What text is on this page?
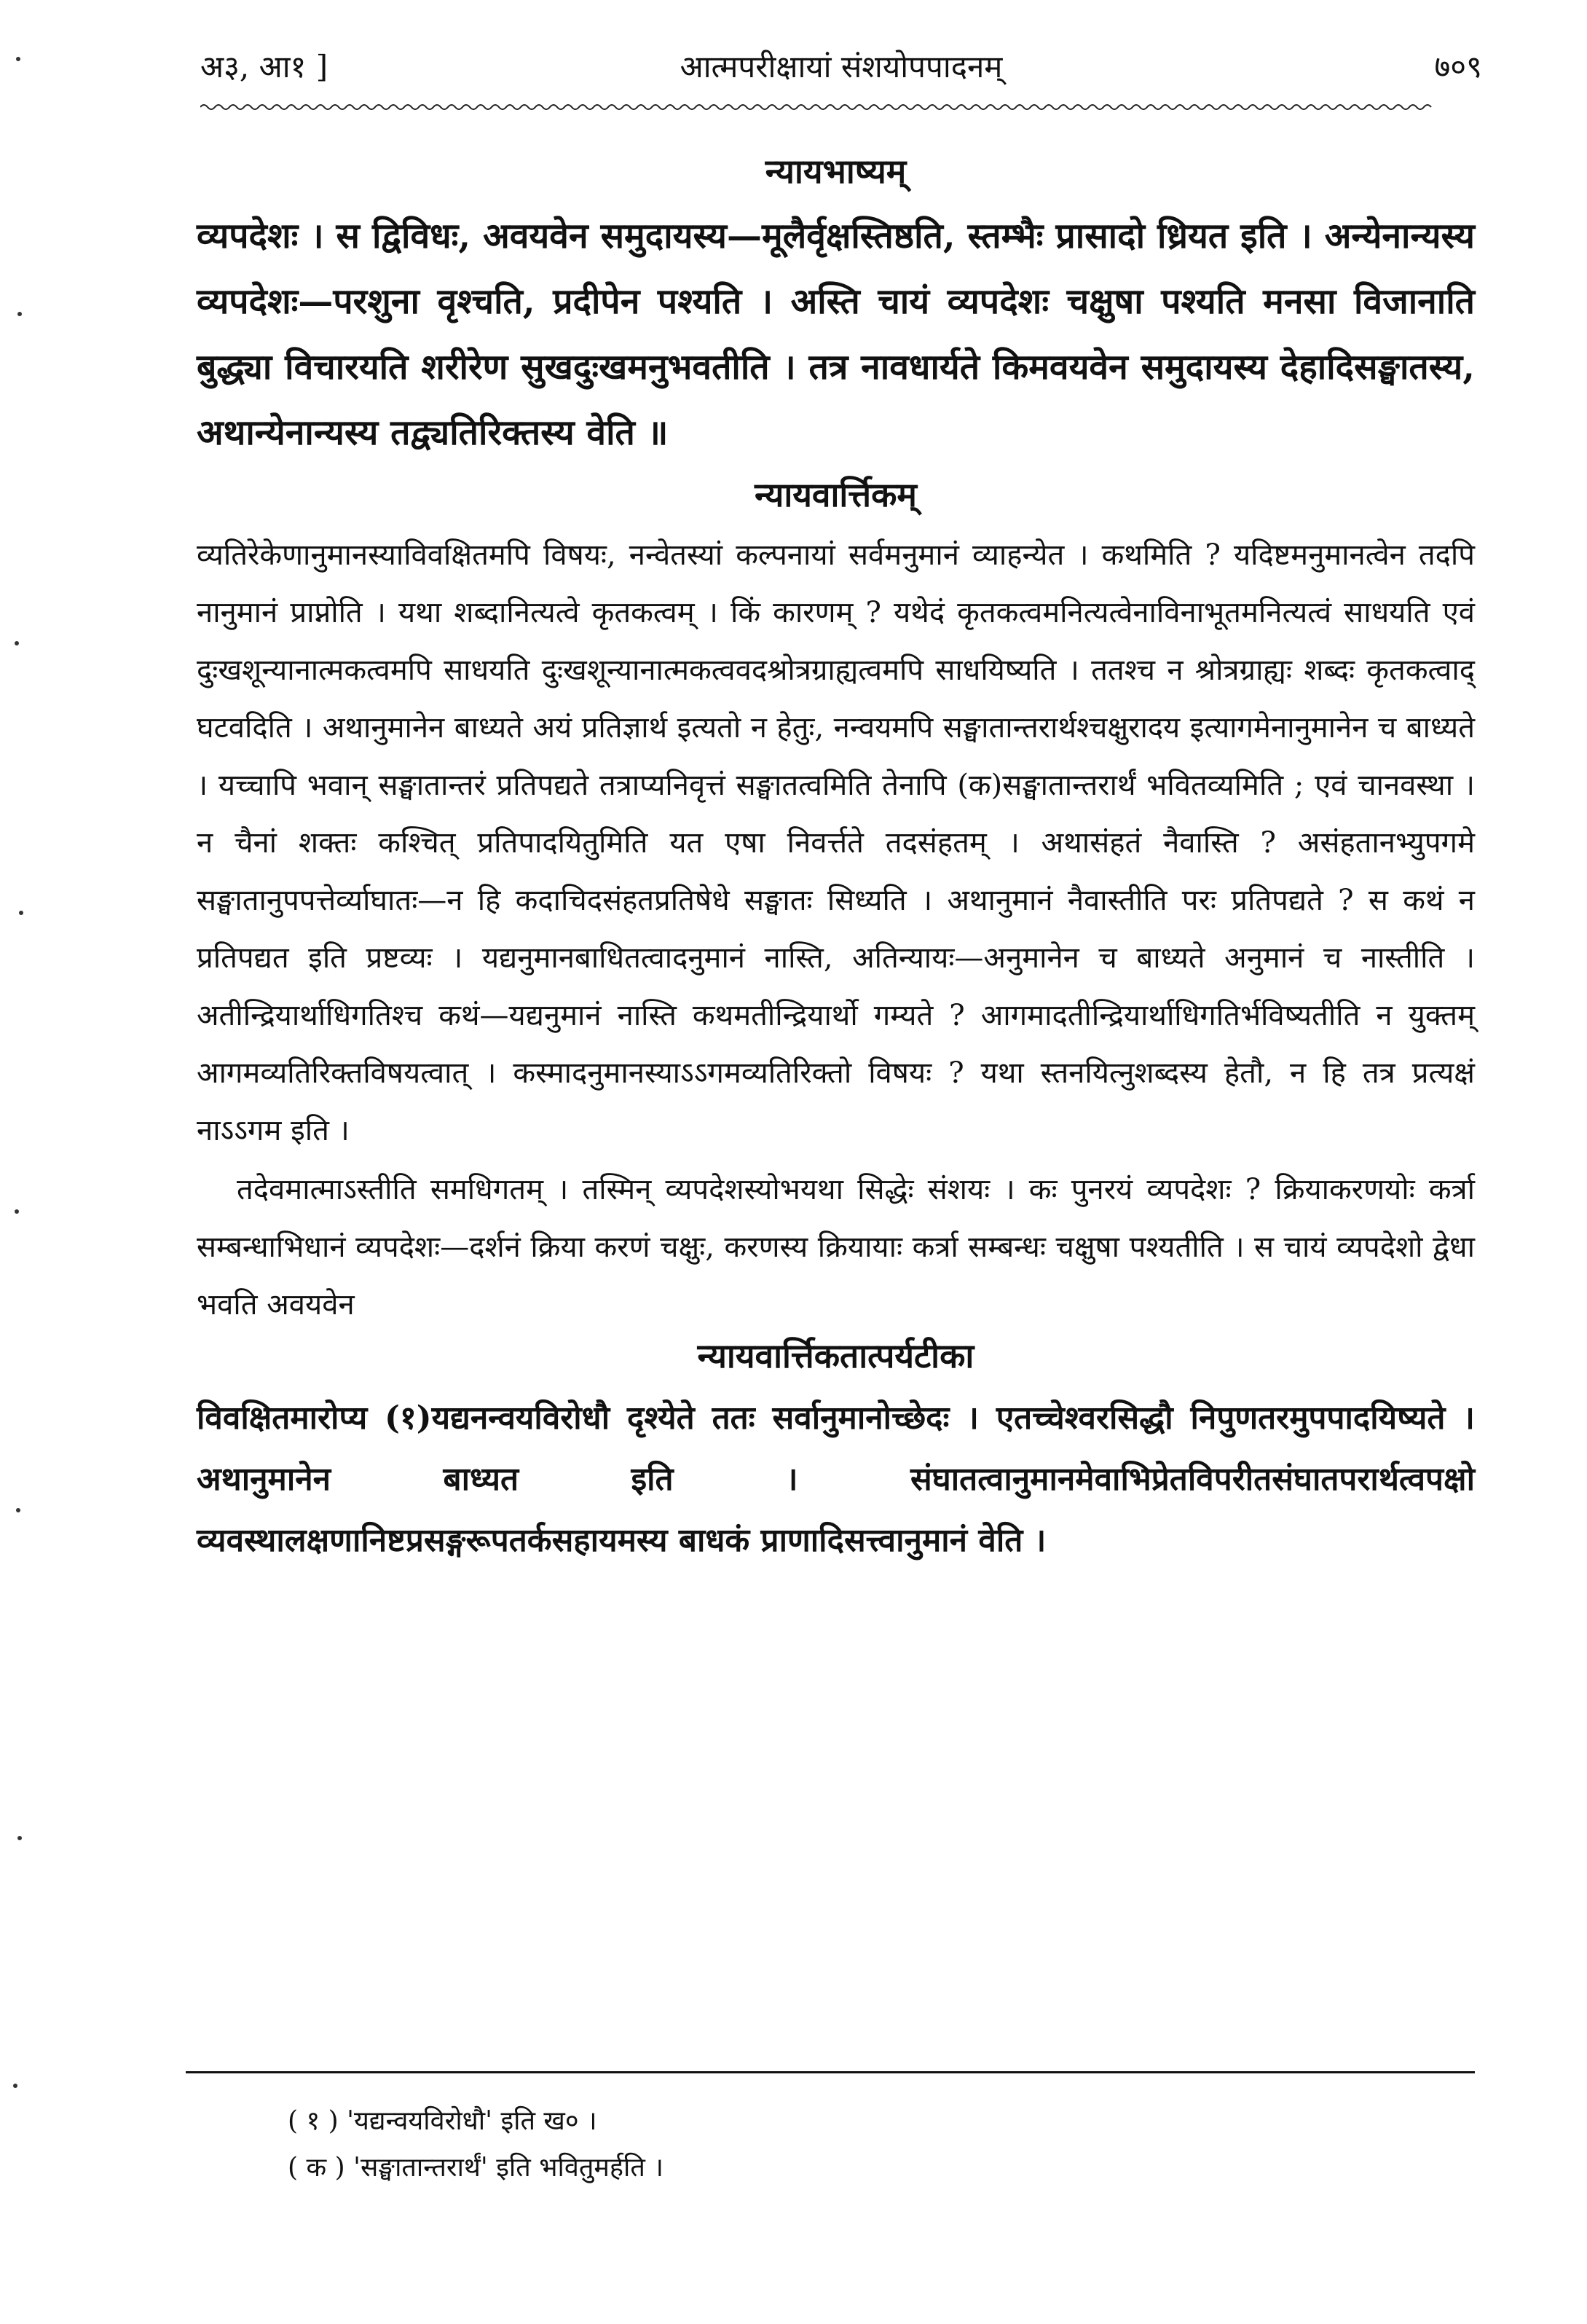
अ३, आ१ ]	आत्मपरीक्षायां संशयोपपादनम्	७०९

न्यायभाष्यम्

व्यपदेशः । स द्विविधः, अवयवेन समुदायस्य—मूलैर्वृक्षस्तिष्ठति, स्तम्भैः प्रासादो ध्रियत इति । अन्येनान्यस्य व्यपदेशः—परशुना वृश्चति, प्रदीपेन पश्यति । अस्ति चायं व्यपदेशः चक्षुषा पश्यति मनसा विजानाति बुद्ध्या विचारयति शरीरेण सुखदुःखमनुभवतीति । तत्र नावधार्यते किमवयवेन समुदायस्य देहादिसङ्घातस्य, अथान्येनान्यस्य तद्व्यतिरिक्तस्य वेति ॥

न्यायवार्त्तिकम्

व्यतिरेकेणानुमानस्याविवक्षितमपि विषयः, नन्वेतस्यां कल्पनायां सर्वमनुमानं व्याहन्येत । कथमिति ? यदिष्टमनुमानत्वेन तदपि नानुमानं प्राप्नोति । यथा शब्दानित्यत्वे कृतकत्वम् । किं कारणम् ? यथेदं कृतकत्वमनित्यत्वेनाविनाभूतमनित्यत्वं साधयति एवं दुःखशून्यानात्मकत्वमपि साधयति दुःखशून्यानात्मकत्ववदश्रोत्रग्राह्यत्वमपि साधयिष्यति । ततश्च न श्रोत्रग्राह्यः शब्दः कृतकत्वाद् घटवदिति । अथानुमानेन बाध्यते अयं प्रतिज्ञार्थ इत्यतो न हेतुः, नन्वयमपि सङ्घातान्तरार्थश्चक्षुरादय इत्यागमेनानुमानेन च बाध्यते । यच्चापि भवान् सङ्घातान्तरं प्रतिपद्यते तत्राप्यनिवृत्तं सङ्घातत्वमिति तेनापि (क)सङ्घातान्तरार्थं भवितव्यमिति ; एवं चानवस्था । न चैनां शक्तः कश्चित् प्रतिपादयितुमिति यत एषा निवर्त्तते तदसंहतम् । अथासंहतं नैवास्ति ? असंहतानभ्युपगमे सङ्घातानुपपत्तेर्व्याघातः—न हि कदाचिदसंहतप्रतिषेधे सङ्घातः सिध्यति । अथानुमानं नैवास्तीति परः प्रतिपद्यते ? स कथं न प्रतिपद्यत इति प्रष्टव्यः । यद्यनुमानबाधितत्वादनुमानं नास्ति, अतिन्यायः—अनुमानेन च बाध्यते अनुमानं च नास्तीति । अतीन्द्रियार्थाधिगतिश्च कथं—यद्यनुमानं नास्ति कथमतीन्द्रियार्थो गम्यते ? आगमादतीन्द्रियार्थाधिगतिर्भविष्यतीति न युक्तम् आगमव्यतिरिक्तविषयत्वात् । कस्मादनुमानस्याऽऽगमव्यतिरिक्तो विषयः ? यथा स्तनयित्नुशब्दस्य हेतौ, न हि तत्र प्रत्यक्षं नाऽऽगम इति ।

तदेवमात्माऽस्तीति समधिगतम् । तस्मिन् व्यपदेशस्योभयथा सिद्धेः संशयः । कः पुनरयं व्यपदेशः ? क्रियाकरणयोः कर्त्रा सम्बन्धाभिधानं व्यपदेशः—दर्शनं क्रिया करणं चक्षुः, करणस्य क्रियायाः कर्त्रा सम्बन्धः चक्षुषा पश्यतीति । स चायं व्यपदेशो द्वेधा भवति अवयवेन

न्यायवार्त्तिकतात्पर्यटीका

विवक्षितमारोप्य (१)यद्यनन्वयविरोधौ दृश्येते ततः सर्वानुमानोच्छेदः । एतच्चेश्वरसिद्धौ निपुणतरमुपपादयिष्यते । अथानुमानेन बाध्यत इति । संघातत्वानुमानमेवाभिप्रेतविपरीतसंघातपरार्थत्वपक्षो व्यवस्थालक्षणानिष्टप्रसङ्गरूपतर्कसहायमस्य बाधकं प्राणादिसत्त्वानुमानं वेति ।

( १ ) 'यद्यन्वयविरोधौ' इति ख० ।

( क ) 'सङ्घातान्तरार्थं' इति भवितुमर्हति ।
